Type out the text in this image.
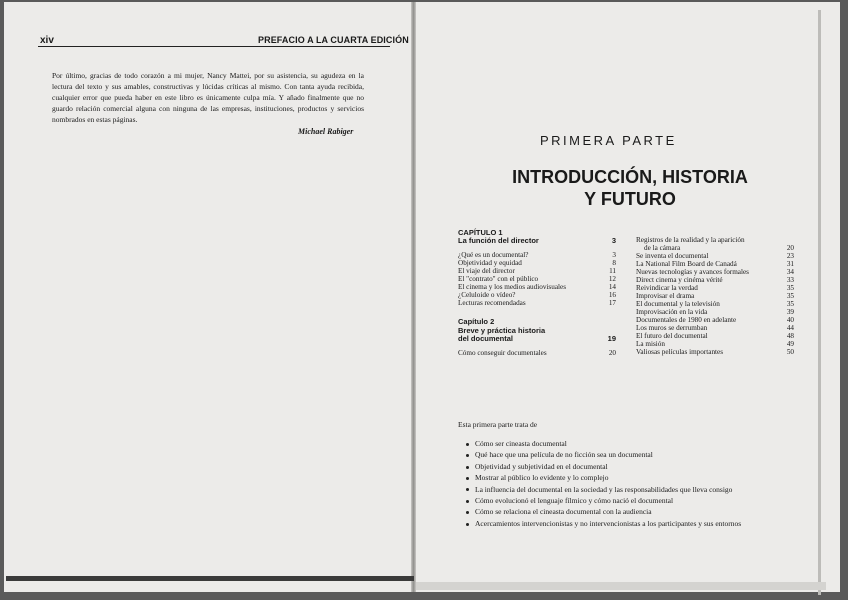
xiv	PREFACIO A LA CUARTA EDICIÓN
Por último, gracias de todo corazón a mi mujer, Nancy Mattei, por su asistencia, su agudeza en la lectura del texto y sus amables, constructivas y lúcidas críticas al mismo. Con tanta ayuda recibida, cualquier error que pueda haber en este libro es únicamente culpa mía. Y añado finalmente que no guardo relación comercial alguna con ninguna de las empresas, instituciones, productos y servicios nombrados en estas páginas.
Michael Rabiger
PRIMERA PARTE
INTRODUCCIÓN, HISTORIA
Y FUTURO
CAPÍTULO 1
La función del director	3
¿Qué es un documental?	3
Objetividad y equidad	8
El viaje del director	11
El "contrato" con el público	12
El cinema y los medios audiovisuales	14
¿Celuloide o vídeo?	16
Lecturas recomendadas	17
Capítulo 2
Breve y práctica historia
del documental	19
Cómo conseguir documentales	20
Registros de la realidad y la aparición
de la cámara	20
Se inventa el documental	23
La National Film Board de Canadá	31
Nuevas tecnologías y avances formales	34
Direct cinema y cinéma vérité	33
Reivindicar la verdad	35
Improvisar el drama	35
El documental y la televisión	35
Improvisación en la vida	39
Documentales de 1980 en adelante	40
Los muros se derrumban	44
El futuro del documental	48
La misión	49
Valiosas películas importantes	50
Esta primera parte trata de
Cómo ser cineasta documental
Qué hace que una película de no ficción sea un documental
Objetividad y subjetividad en el documental
Mostrar al público lo evidente y lo complejo
La influencia del documental en la sociedad y las responsabilidades que lleva consigo
Cómo evolucionó el lenguaje fílmico y cómo nació el documental
Cómo se relaciona el cineasta documental con la audiencia
Acercamientos intervencionistas y no intervencionistas a los participantes y sus entornos
